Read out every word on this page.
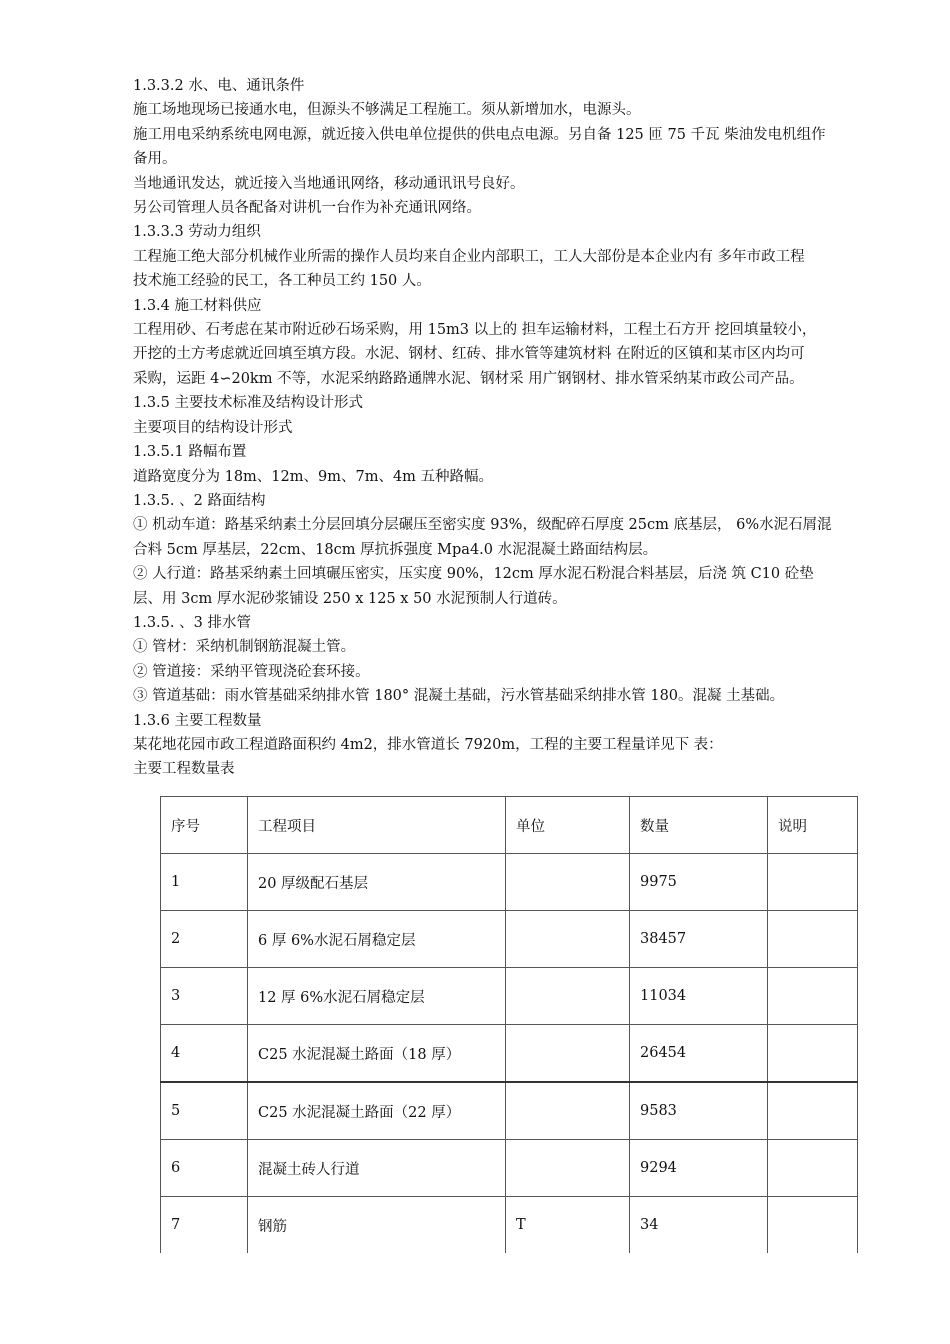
1.3.3.2 水、电、通讯条件
施工场地现场已接通水电，但源头不够满足工程施工。须从新增加水，电源头。
施工用电采纳系统电网电源，就近接入供电单位提供的供电点电源。另自备 125 匝 75 千瓦 柴油发电机组作
备用。
当地通讯发达，就近接入当地通讯网络，移动通讯讯号良好。
另公司管理人员各配备对讲机一台作为补充通讯网络。
1.3.3.3 劳动力组织
工程施工绝大部分机械作业所需的操作人员均来自企业内部职工，工人大部份是本企业内有 多年市政工程
技术施工经验的民工，各工种员工约 150 人。
1.3.4 施工材料供应
工程用砂、石考虑在某市附近砂石场采购，用 15m3 以上的 担车运输材料，工程土石方开 挖回填量较小，
开挖的土方考虑就近回填至填方段。水泥、钢材、红砖、排水管等建筑材料 在附近的区镇和某市区内均可
采购，运距 4∽20km 不等，水泥采纳路路通牌水泥、钢材采 用广钢钢材、排水管采纳某市政公司产品。
1.3.5 主要技术标准及结构设计形式
主要项目的结构设计形式
1.3.5.1 路幅布置
道路宽度分为 18m、12m、9m、7m、4m 五种路幅。
1.3.5. 、2 路面结构
① 机动车道：路基采纳素土分层回填分层碾压至密实度 93%，级配碎石厚度 25cm 底基层， 6%水泥石屑混
合料 5cm 厚基层，22cm、18cm 厚抗拆强度 Mpa4.0 水泥混凝土路面结构层。
② 人行道：路基采纳素土回填碾压密实，压实度 90%，12cm 厚水泥石粉混合料基层，后浇 筑 C10 砼垫
层、用 3cm 厚水泥砂浆铺设 250 x 125 x 50 水泥预制人行道砖。
1.3.5. 、3 排水管
① 管材：采纳机制钢筋混凝土管。
② 管道接：采纳平管现浇砼套环接。
③ 管道基础：雨水管基础采纳排水管 180° 混凝土基础，污水管基础采纳排水管 180。混凝 土基础。
1.3.6 主要工程数量
某花地花园市政工程道路面积约 4m2，排水管道长 7920m，工程的主要工程量详见下 表：
主要工程数量表
序号	工程项目	单位	数量	说明
1	20 厚级配石基层		9975	
2	6 厚 6%水泥石屑稳定层		38457	
3	12 厚 6%水泥石屑稳定层		11034	
4	C25 水泥混凝土路面（18 厚）		26454	
5	C25 水泥混凝土路面（22 厚）		9583	
6	混凝土砖人行道		9294	
7	钢筋	T	34	
